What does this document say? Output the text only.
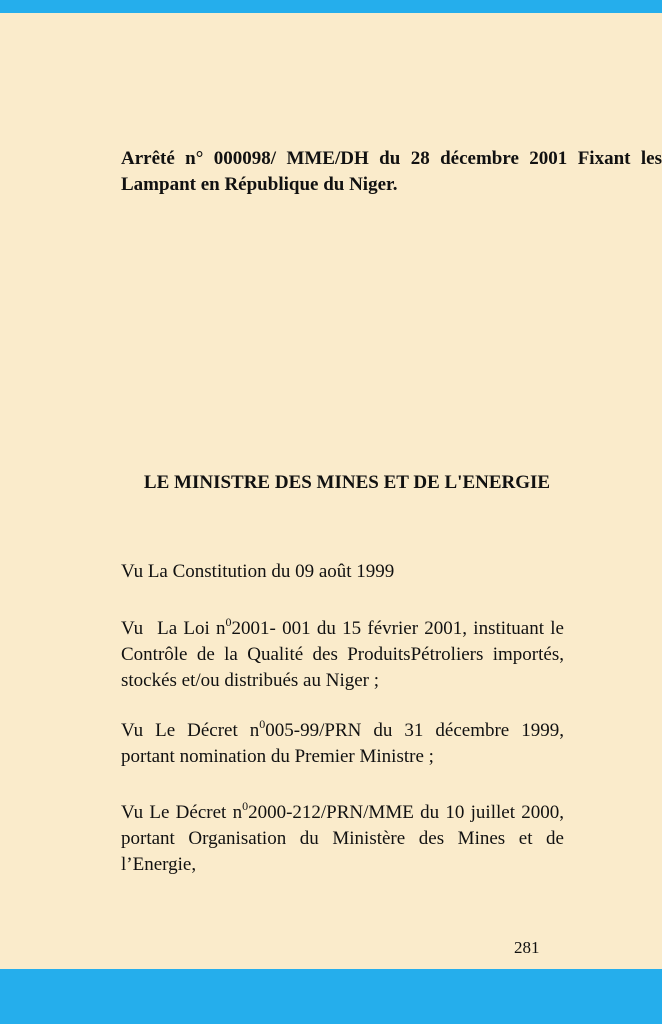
Arrêté n° 000098/ MME/DH du 28 décembre 2001 Fixant les
Lampant en République du Niger.
LE MINISTRE DES MINES ET DE L'ENERGIE

Vu La Constitution du 09 août 1999

Vu La Loi $n^02001-$ 001 du 15 février 2001, instituant le Contrôle de la Qualité des ProduitsPétroliers importés, stockés et/ou distribués au Niger ;

Vu Le Décret $n^0005-99$/PRN du 31 décembre 1999, portant nomination du Premier Ministre ;

Vu Le Décret $n^02000-212/PRN$/MME du 10 juillet 2000, portant Organisation du Ministère des Mines et de l’Energie,

281
